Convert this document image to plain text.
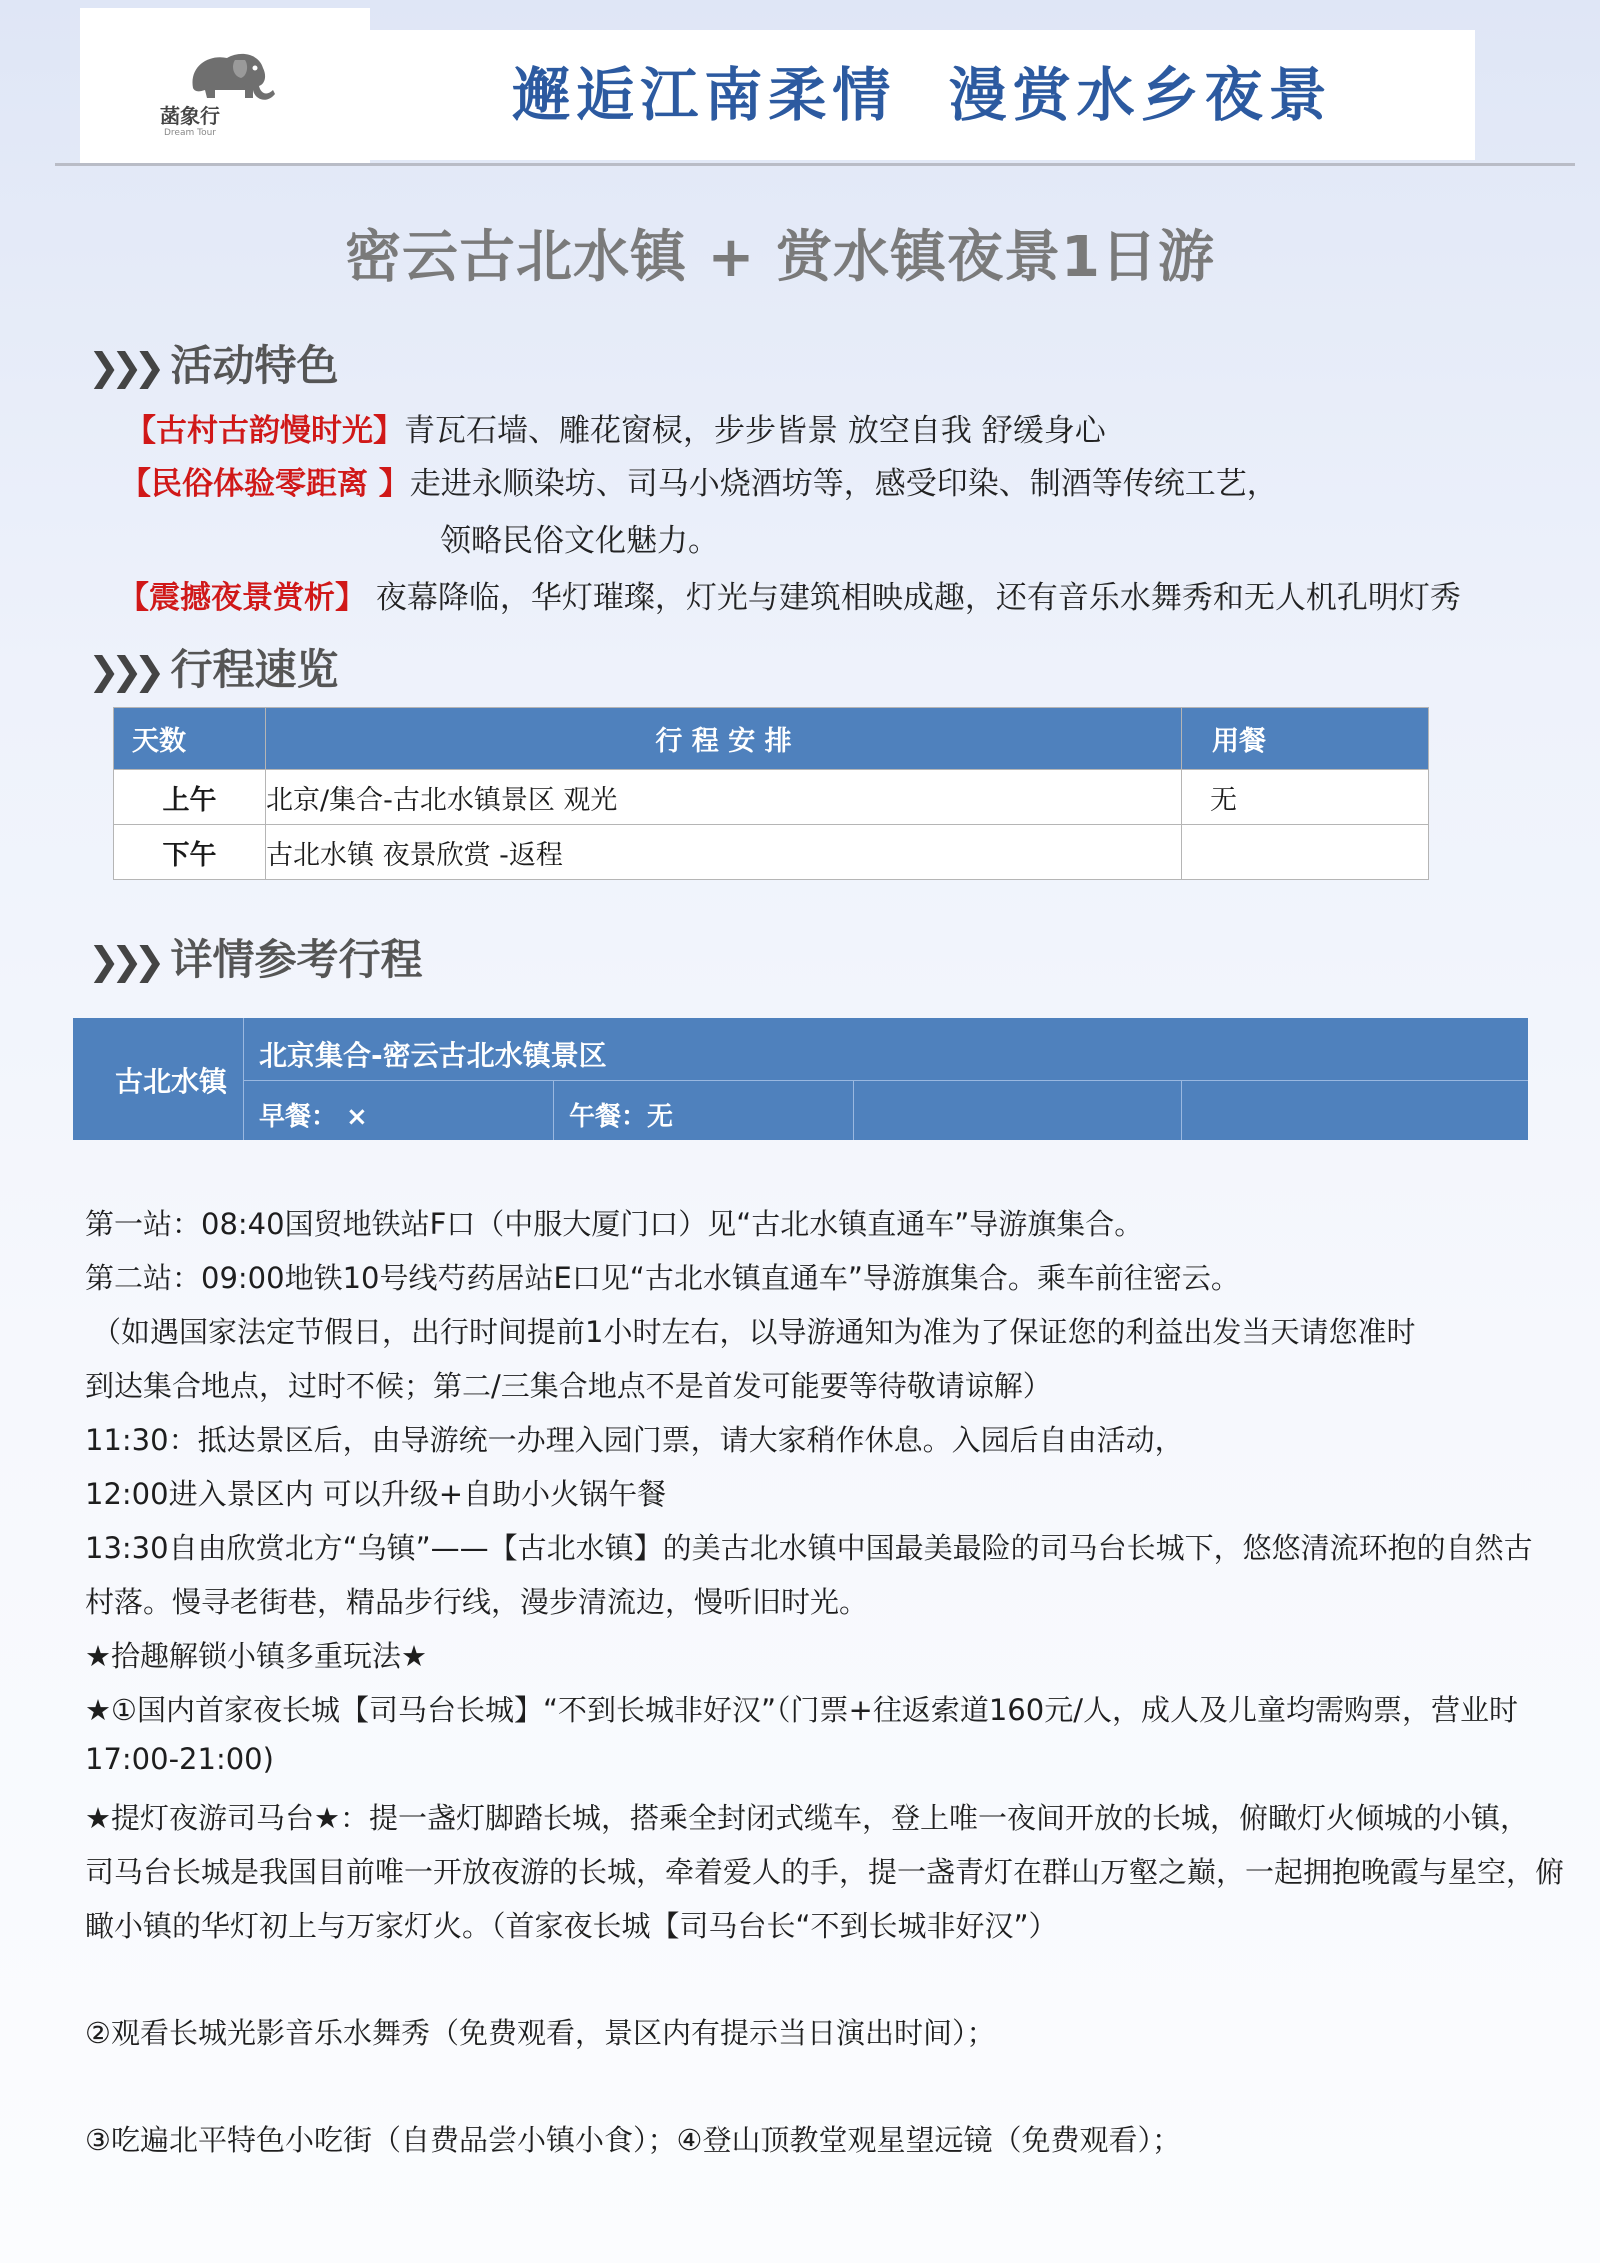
菡象行
Dream Tour
邂逅江南柔情  漫赏水乡夜景
密云古北水镇 + 赏水镇夜景1日游
❯❯❯ 活动特色
【古村古韵慢时光】青瓦石墙、雕花窗棂，步步皆景 放空自我 舒缓身心
【民俗体验零距离 】走进永顺染坊、司马小烧酒坊等，感受印染、制酒等传统工艺，
领略民俗文化魅力。
【震撼夜景赏析】 夜幕降临，华灯璀璨，灯光与建筑相映成趣，还有音乐水舞秀和无人机孔明灯秀
❯❯❯ 行程速览
天数	行 程 安 排	用餐
上午	北京/集合-古北水镇景区 观光	无
下午	古北水镇 夜景欣赏 -返程	
❯❯❯ 详情参考行程
古北水镇
北京集合-密云古北水镇景区
早餐： ×	午餐：无
第一站：08:40国贸地铁站F口（中服大厦门口）见“古北水镇直通车”导游旗集合。
第二站：09:00地铁10号线芍药居站E口见“古北水镇直通车”导游旗集合。乘车前往密云。
（如遇国家法定节假日，出行时间提前1小时左右，以导游通知为准为了保证您的利益出发当天请您准时
到达集合地点，过时不候；第二/三集合地点不是首发可能要等待敬请谅解）
11:30：抵达景区后，由导游统一办理入园门票，请大家稍作休息。入园后自由活动，
12:00进入景区内 可以升级+自助小火锅午餐
13:30自由欣赏北方“乌镇”——【古北水镇】的美古北水镇中国最美最险的司马台长城下，悠悠清流环抱的自然古
村落。慢寻老街巷，精品步行线，漫步清流边，慢听旧时光。
★拾趣解锁小镇多重玩法★
★①国内首家夜长城【司马台长城】“不到长城非好汉”（门票+往返索道160元/人，成人及儿童均需购票，营业时
17:00-21:00)
★提灯夜游司马台★：提一盏灯脚踏长城，搭乘全封闭式缆车，登上唯一夜间开放的长城，俯瞰灯火倾城的小镇，
司马台长城是我国目前唯一开放夜游的长城，牵着爱人的手，提一盏青灯在群山万壑之巅，一起拥抱晚霞与星空，俯
瞰小镇的华灯初上与万家灯火。（首家夜长城【司马台长“不到长城非好汉”）
②观看长城光影音乐水舞秀（免费观看，景区内有提示当日演出时间）；
③吃遍北平特色小吃街（自费品尝小镇小食）；④登山顶教堂观星望远镜（免费观看）；
